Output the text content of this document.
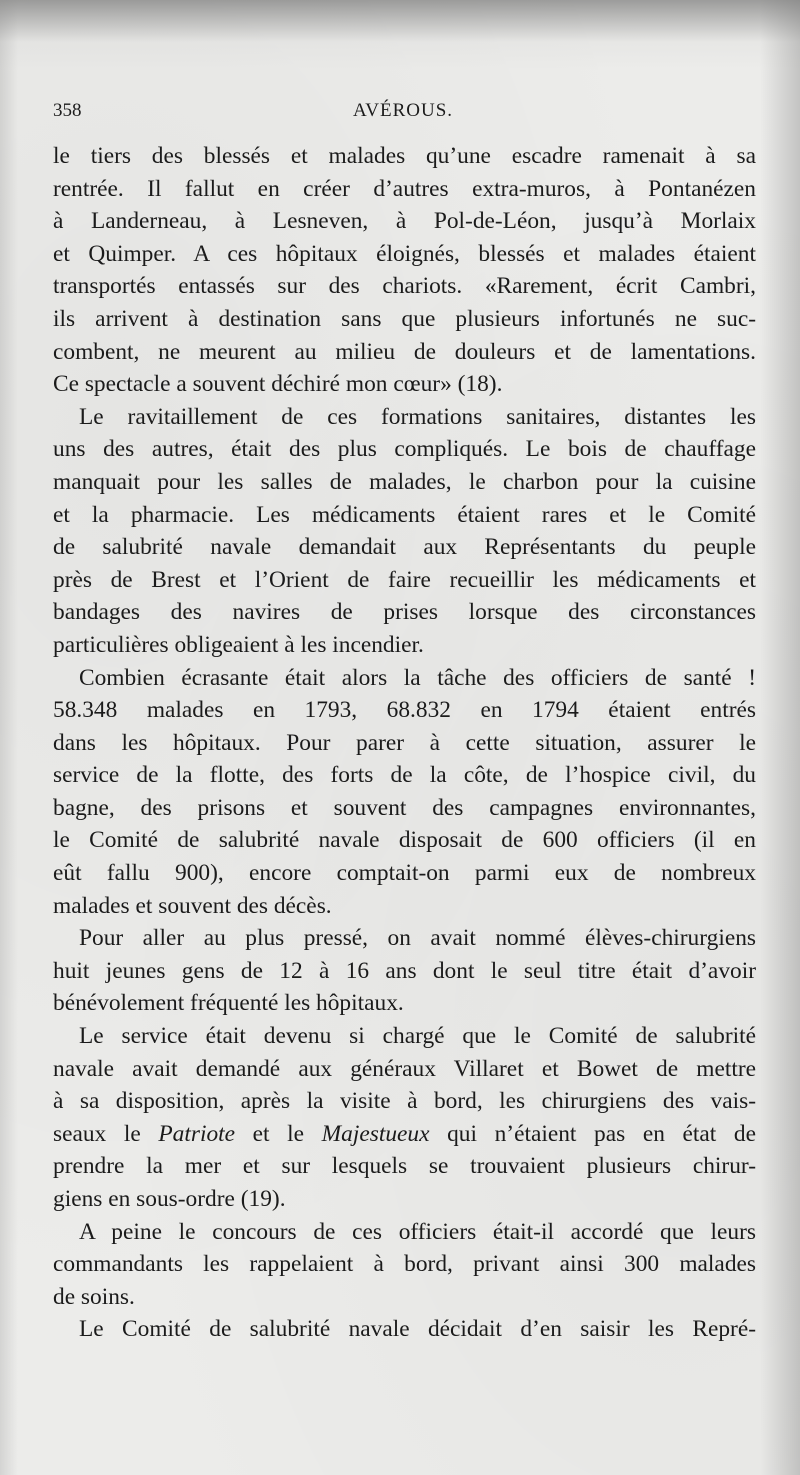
358	AVÉROUS.
le tiers des blessés et malades qu’une escadre ramenait à sa
rentrée. Il fallut en créer d’autres extra-muros, à Pontanézen
à Landerneau, à Lesneven, à Pol-de-Léon, jusqu’à Morlaix
et Quimper. A ces hôpitaux éloignés, blessés et malades étaient
transportés entassés sur des chariots. «Rarement, écrit Cambri,
ils arrivent à destination sans que plusieurs infortunés ne suc-
combent, ne meurent au milieu de douleurs et de lamentations.
Ce spectacle a souvent déchiré mon cœur» (18).
Le ravitaillement de ces formations sanitaires, distantes les
uns des autres, était des plus compliqués. Le bois de chauffage
manquait pour les salles de malades, le charbon pour la cuisine
et la pharmacie. Les médicaments étaient rares et le Comité
de salubrité navale demandait aux Représentants du peuple
près de Brest et l’Orient de faire recueillir les médicaments et
bandages des navires de prises lorsque des circonstances
particulières obligeaient à les incendier.
Combien écrasante était alors la tâche des officiers de santé !
58.348 malades en 1793, 68.832 en 1794 étaient entrés
dans les hôpitaux. Pour parer à cette situation, assurer le
service de la flotte, des forts de la côte, de l’hospice civil, du
bagne, des prisons et souvent des campagnes environnantes,
le Comité de salubrité navale disposait de 600 officiers (il en
eût fallu 900), encore comptait-on parmi eux de nombreux
malades et souvent des décès.
Pour aller au plus pressé, on avait nommé élèves-chirurgiens
huit jeunes gens de 12 à 16 ans dont le seul titre était d’avoir
bénévolement fréquenté les hôpitaux.
Le service était devenu si chargé que le Comité de salubrité
navale avait demandé aux généraux Villaret et Bowet de mettre
à sa disposition, après la visite à bord, les chirurgiens des vais-
seaux le Patriote et le Majestueux qui n’étaient pas en état de
prendre la mer et sur lesquels se trouvaient plusieurs chirur-
giens en sous-ordre (19).
A peine le concours de ces officiers était-il accordé que leurs
commandants les rappelaient à bord, privant ainsi 300 malades
de soins.
Le Comité de salubrité navale décidait d’en saisir les Repré-
